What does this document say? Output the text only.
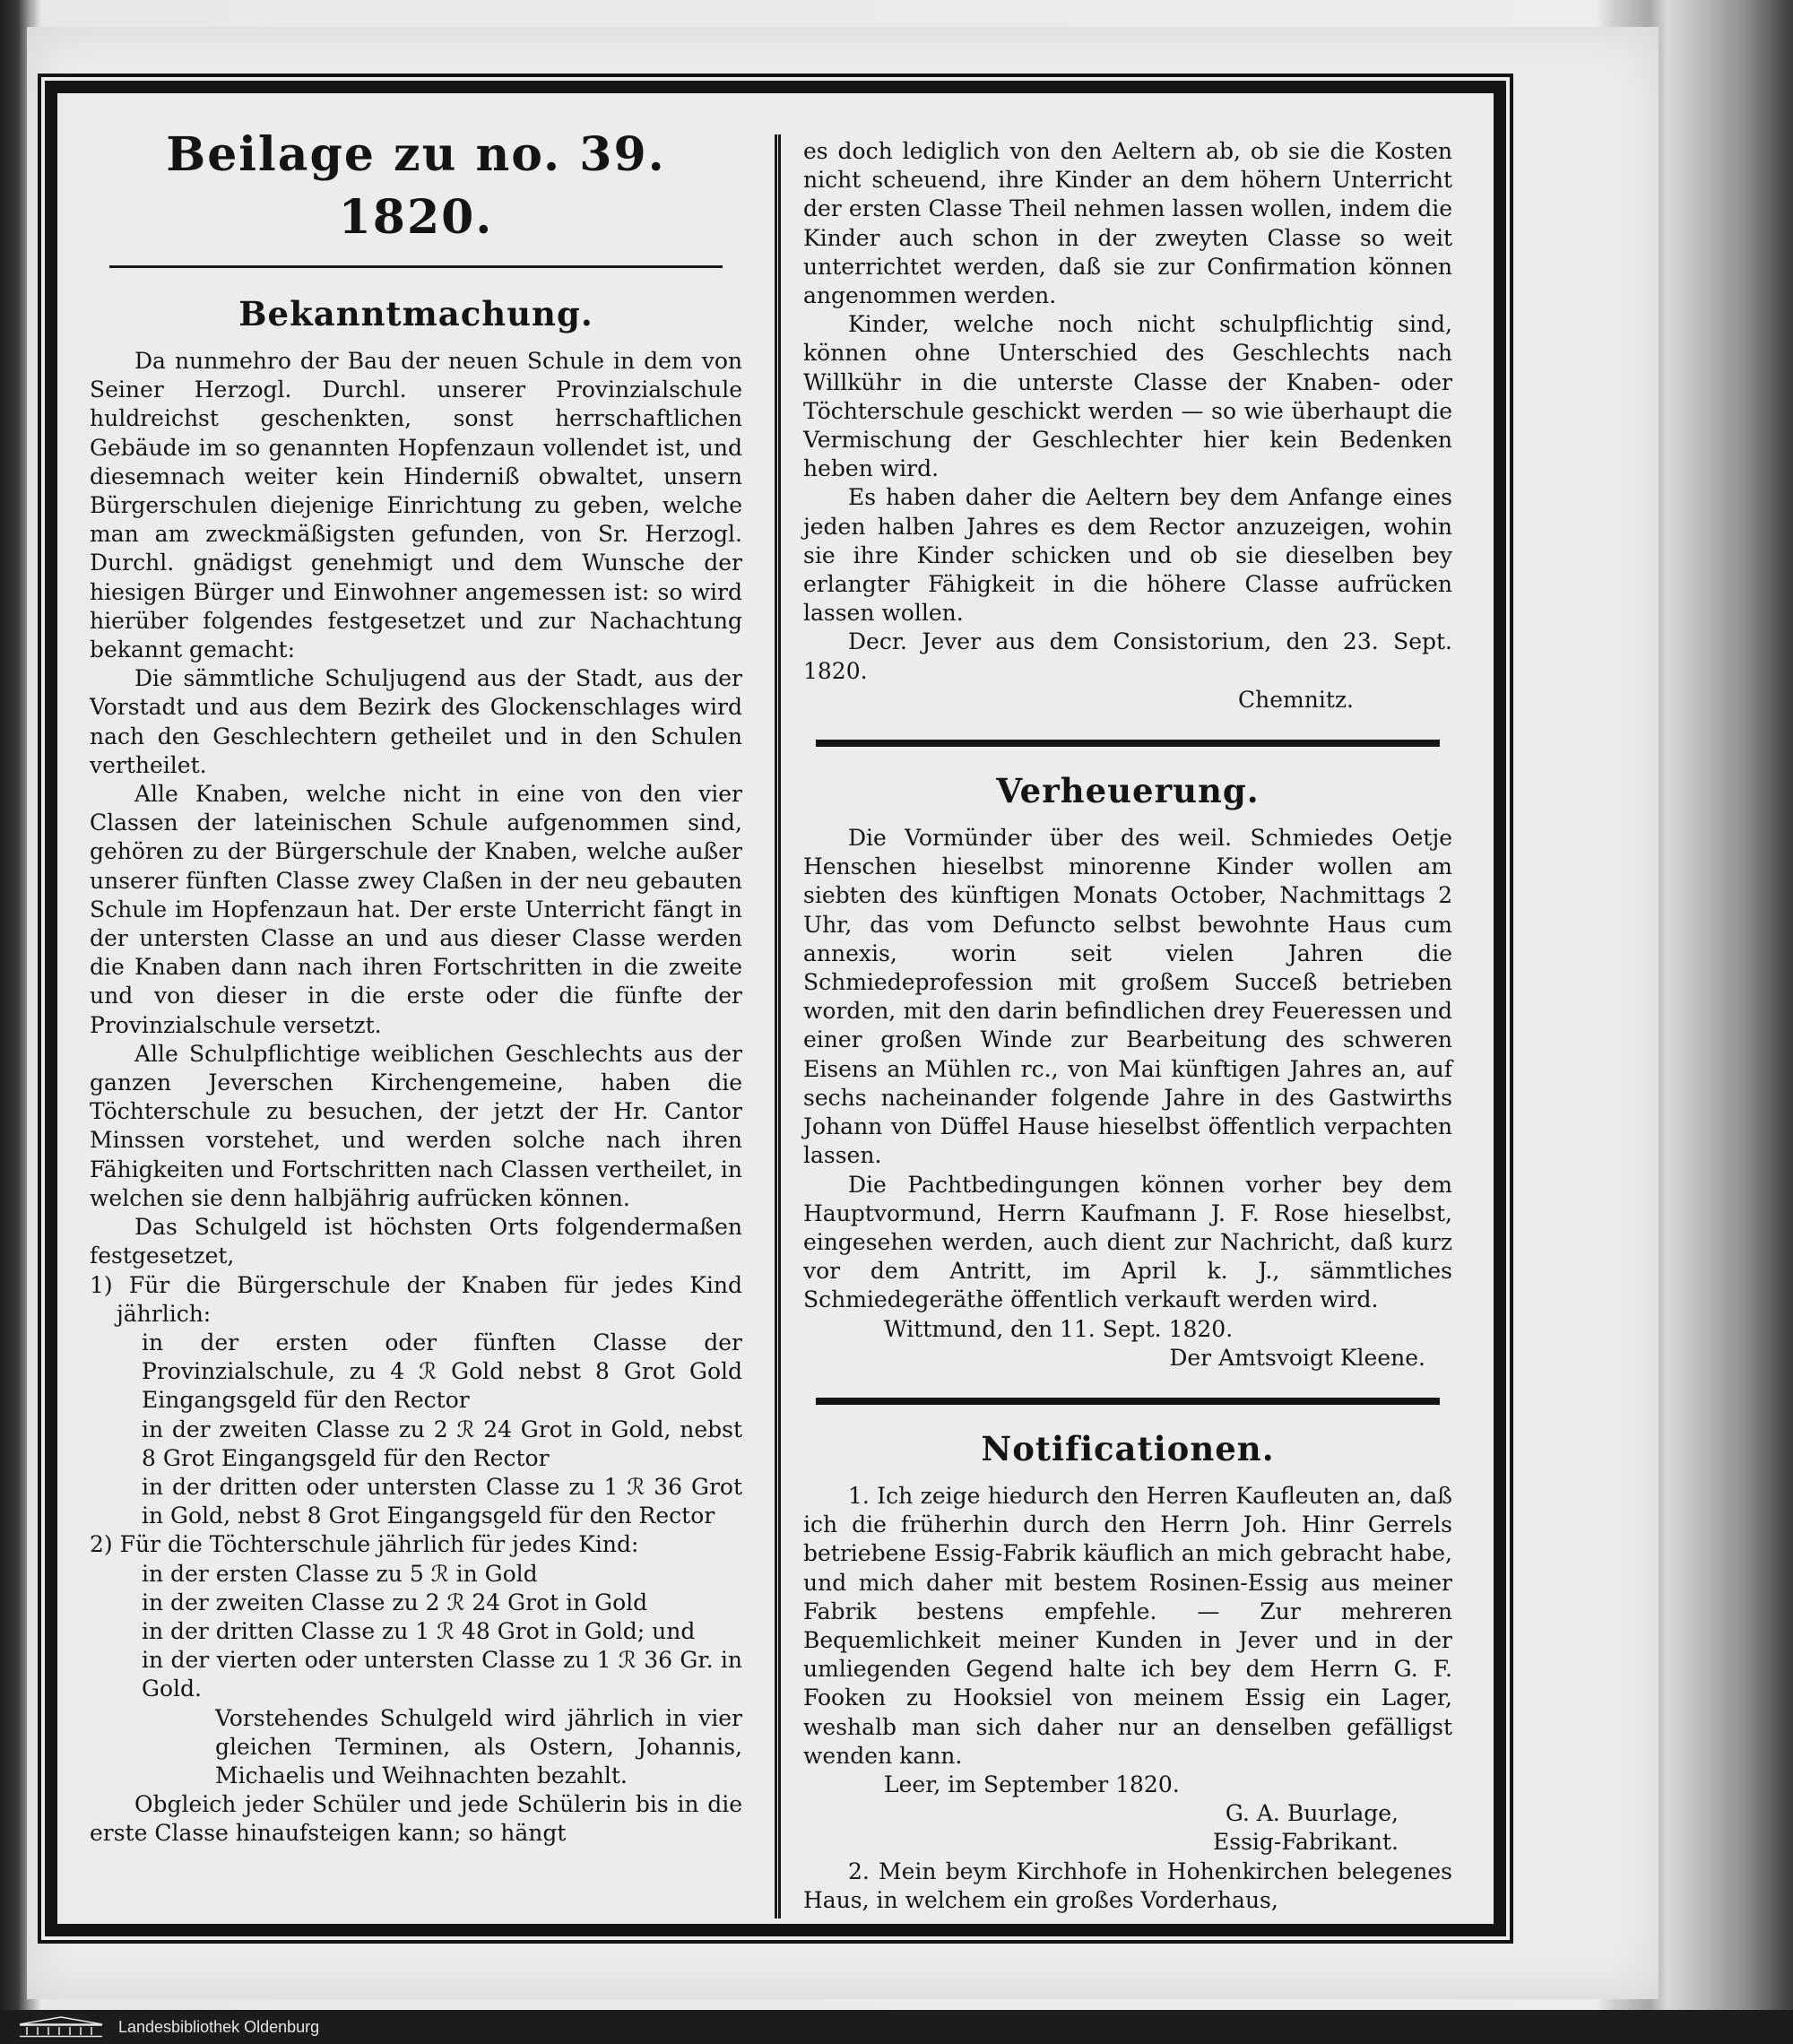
Beilage zu no. 39. 1820.
Bekanntmachung.

Da nunmehro der Bau der neuen Schule in dem von Seiner Herzogl. Durchl. unserer Provinzialschule huldreichst geschenkten, sonst herrschaftlichen Gebäude im so genannten Hopfenzaun vollendet ist, und diesemnach weiter kein Hinderniß obwaltet, unsern Bürgerschulen diejenige Einrichtung zu geben, welche man am zweckmäßigsten gefunden, von Sr. Herzogl. Durchl. gnädigst genehmigt und dem Wunsche der hiesigen Bürger und Einwohner angemessen ist: so wird hierüber folgendes festgesetzet und zur Nachachtung bekannt gemacht:

Die sämmtliche Schuljugend aus der Stadt, aus der Vorstadt und aus dem Bezirk des Glockenschlages wird nach den Geschlechtern getheilet und in den Schulen vertheilet.

Alle Knaben, welche nicht in eine von den vier Classen der lateinischen Schule aufgenommen sind, gehören zu der Bürgerschule der Knaben, welche außer unserer fünften Classe zwey Claßen in der neu gebauten Schule im Hopfenzaun hat. Der erste Unterricht fängt in der untersten Classe an und aus dieser Classe werden die Knaben dann nach ihren Fortschritten in die zweite und von dieser in die erste oder die fünfte der Provinzialschule versetzt.

Alle Schulpflichtige weiblichen Geschlechts aus der ganzen Jeverschen Kirchengemeine, haben die Töchterschule zu besuchen, der jetzt der Hr. Cantor Minssen vorstehet, und werden solche nach ihren Fähigkeiten und Fortschritten nach Classen vertheilet, in welchen sie denn halbjährig aufrücken können.

Das Schulgeld ist höchsten Orts folgendermaßen festgesetzet,

1) Für die Bürgerschule der Knaben für jedes Kind jährlich:
in der ersten oder fünften Classe der Provinzialschule, zu 4 ℛ Gold nebst 8 Grot Gold Eingangsgeld für den Rector
in der zweiten Classe zu 2 ℛ 24 Grot in Gold, nebst 8 Grot Eingangsgeld für den Rector
in der dritten oder untersten Classe zu 1 ℛ 36 Grot in Gold, nebst 8 Grot Eingangsgeld für den Rector
2) Für die Töchterschule jährlich für jedes Kind:
in der ersten Classe zu 5 ℛ in Gold
in der zweiten Classe zu 2 ℛ 24 Grot in Gold
in der dritten Classe zu 1 ℛ 48 Grot in Gold; und
in der vierten oder untersten Classe zu 1 ℛ 36 Gr. in Gold.

Vorstehendes Schulgeld wird jährlich in vier gleichen Terminen, als Ostern, Johannis, Michaelis und Weihnachten bezahlt.

Obgleich jeder Schüler und jede Schülerin bis in die erste Classe hinaufsteigen kann; so hängt

es doch lediglich von den Aeltern ab, ob sie die Kosten nicht scheuend, ihre Kinder an dem höhern Unterricht der ersten Classe Theil nehmen lassen wollen, indem die Kinder auch schon in der zweyten Classe so weit unterrichtet werden, daß sie zur Confirmation können angenommen werden.

Kinder, welche noch nicht schulpflichtig sind, können ohne Unterschied des Geschlechts nach Willkühr in die unterste Classe der Knaben- oder Töchterschule geschickt werden — so wie überhaupt die Vermischung der Geschlechter hier kein Bedenken heben wird.

Es haben daher die Aeltern bey dem Anfange eines jeden halben Jahres es dem Rector anzuzeigen, wohin sie ihre Kinder schicken und ob sie dieselben bey erlangter Fähigkeit in die höhere Classe aufrücken lassen wollen.

Decr. Jever aus dem Consistorium, den 23. Sept. 1820.

Chemnitz.

Verheuerung.

Die Vormünder über des weil. Schmiedes Oetje Henschen hieselbst minorenne Kinder wollen am siebten des künftigen Monats October, Nachmittags 2 Uhr, das vom Defuncto selbst bewohnte Haus cum annexis, worin seit vielen Jahren die Schmiedeprofession mit großem Succeß betrieben worden, mit den darin befindlichen drey Feueressen und einer großen Winde zur Bearbeitung des schweren Eisens an Mühlen rc., von Mai künftigen Jahres an, auf sechs nacheinander folgende Jahre in des Gastwirths Johann von Düffel Hause hieselbst öffentlich verpachten lassen.

Die Pachtbedingungen können vorher bey dem Hauptvormund, Herrn Kaufmann J. F. Rose hieselbst, eingesehen werden, auch dient zur Nachricht, daß kurz vor dem Antritt, im April k. J., sämmtliches Schmiedegeräthe öffentlich verkauft werden wird.

Wittmund, den 11. Sept. 1820.

Der Amtsvoigt Kleene.

Notificationen.

1. Ich zeige hiedurch den Herren Kaufleuten an, daß ich die früherhin durch den Herrn Joh. Hinr Gerrels betriebene Essig-Fabrik käuflich an mich gebracht habe, und mich daher mit bestem Rosinen-Essig aus meiner Fabrik bestens empfehle. — Zur mehreren Bequemlichkeit meiner Kunden in Jever und in der umliegenden Gegend halte ich bey dem Herrn G. F. Fooken zu Hooksiel von meinem Essig ein Lager, weshalb man sich daher nur an denselben gefälligst wenden kann.

Leer, im September 1820.

G. A. Buurlage,

Essig-Fabrikant.

2. Mein beym Kirchhofe in Hohenkirchen belegenes Haus, in welchem ein großes Vorderhaus,

Landesbibliothek Oldenburg
